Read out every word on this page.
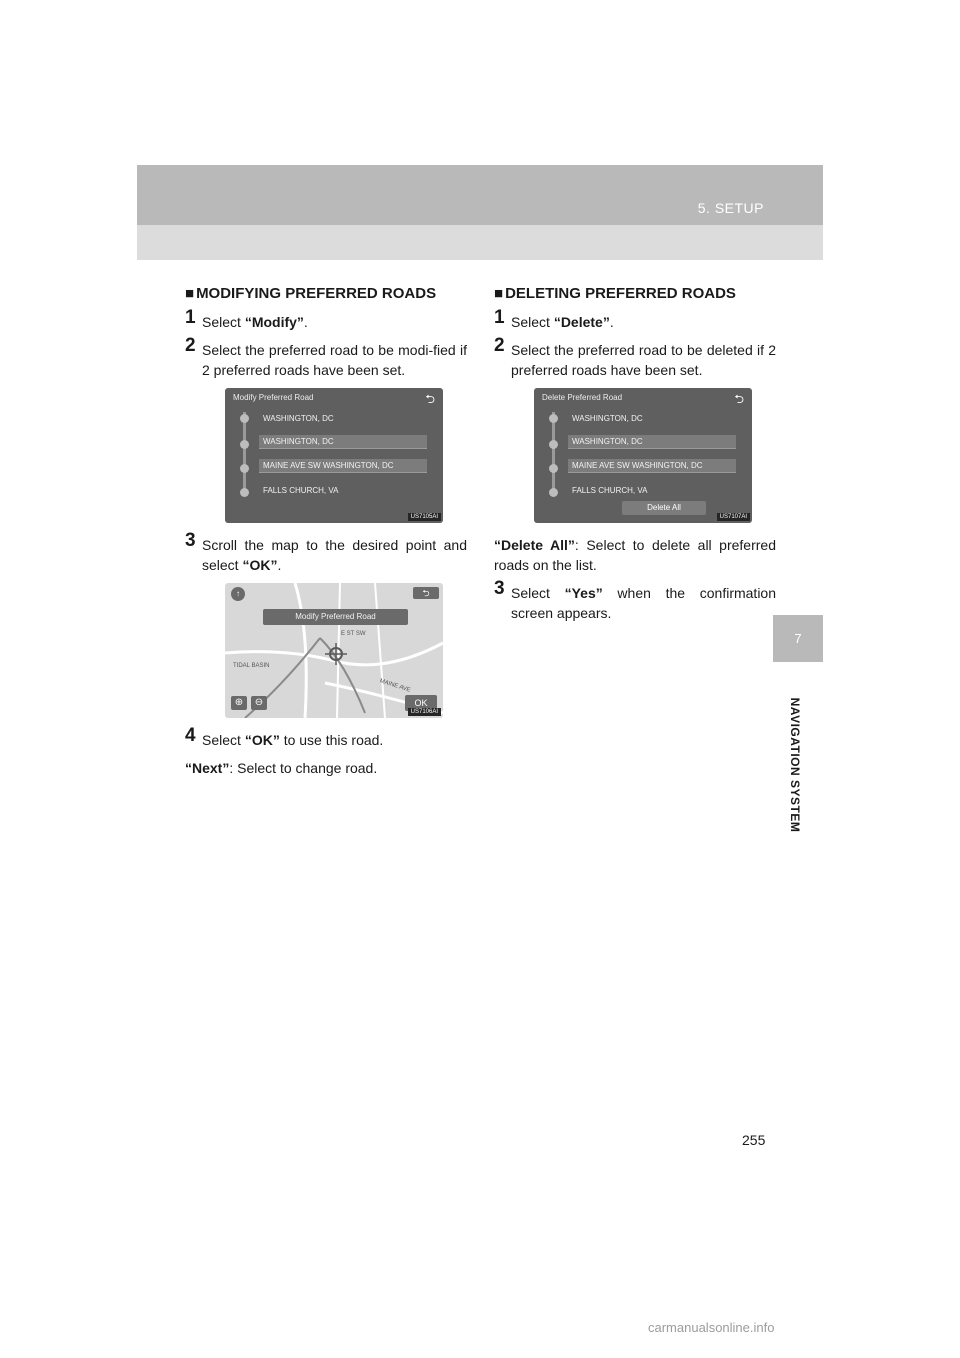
5. SETUP
7
NAVIGATION SYSTEM
■ MODIFYING PREFERRED ROADS
1 Select “Modify”.
2 Select the preferred road to be modi-fied if 2 preferred roads have been set.
Modify Preferred Road	⮌
WASHINGTON, DC
WASHINGTON, DC
MAINE AVE SW WASHINGTON, DC
FALLS CHURCH, VA
US7105AI
3 Scroll the map to the desired point and select “OK”.
↑	⮌
Modify Preferred Road
TIDAL BASIN
E ST SW
MAINE AVE
⊕	⊖	OK
US7106AI
4 Select “OK” to use this road.
“Next”: Select to change road.
■ DELETING PREFERRED ROADS
1 Select “Delete”.
2 Select the preferred road to be deleted if 2 preferred roads have been set.
Delete Preferred Road	⮌
WASHINGTON, DC
WASHINGTON, DC
MAINE AVE SW WASHINGTON, DC
FALLS CHURCH, VA
Delete All
US7107AI
“Delete All”: Select to delete all preferred roads on the list.
3 Select “Yes” when the confirmation screen appears.
255
carmanualsonline.info
